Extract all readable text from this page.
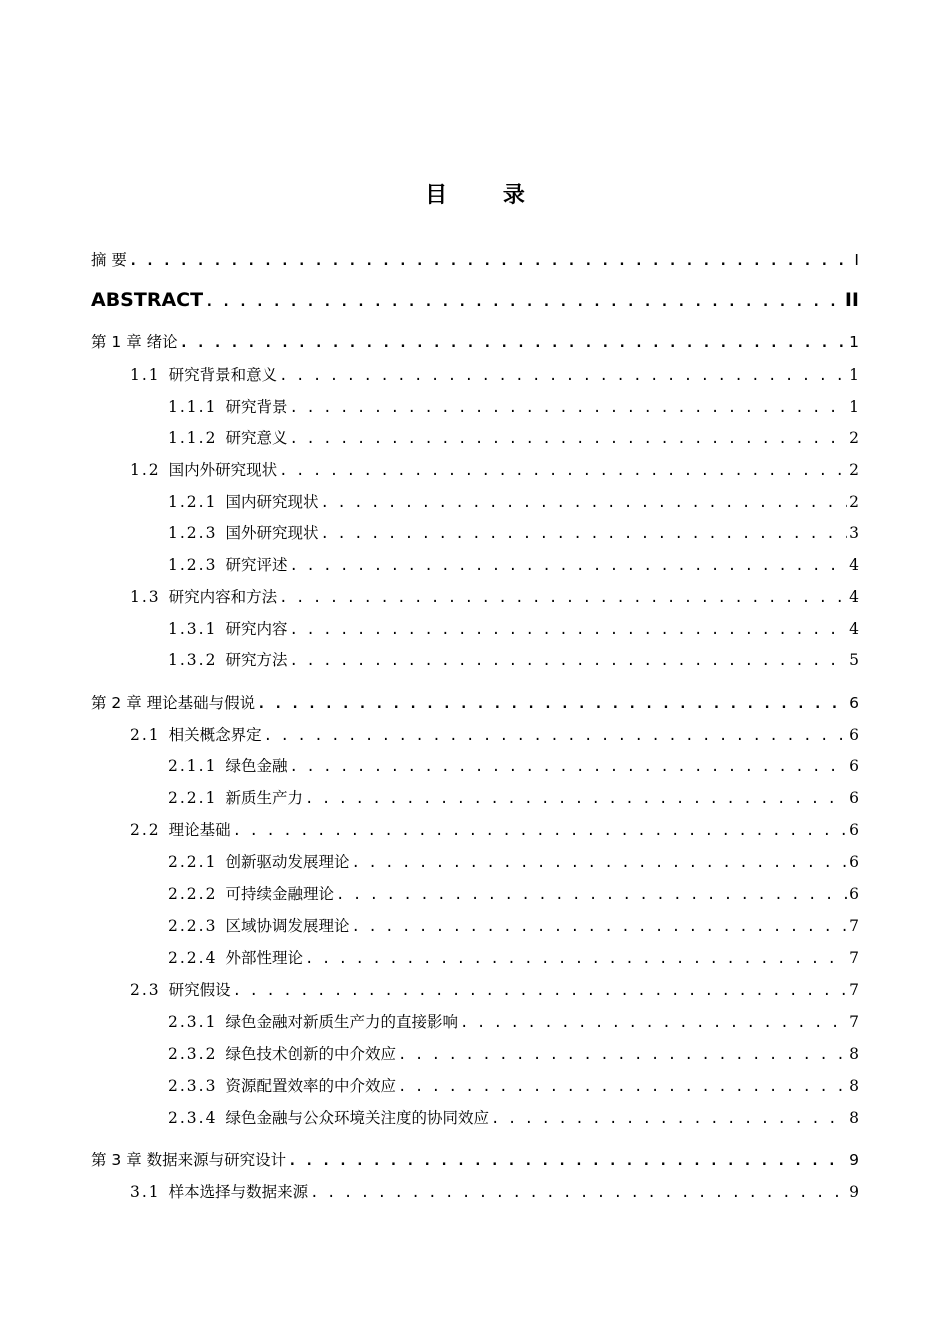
目 录
摘 要 . . .	I
ABSTRACT . . .	II
第 1 章 绪论 . . .	1
1.1 研究背景和意义 . . .	1
1.1.1 研究背景 . . .	1
1.1.2 研究意义 . . .	2
1.2 国内外研究现状 . . .	2
1.2.1 国内研究现状 . . .	2
1.2.3 国外研究现状 . . .	3
1.2.3 研究评述 . . .	4
1.3 研究内容和方法 . . .	4
1.3.1 研究内容 . . .	4
1.3.2 研究方法 . . .	5
第 2 章 理论基础与假说 . . .	6
2.1 相关概念界定 . . .	6
2.1.1 绿色金融 . . .	6
2.2.1 新质生产力 . . .	6
2.2 理论基础 . . .	6
2.2.1 创新驱动发展理论 . . .	6
2.2.2 可持续金融理论 . . .	6
2.2.3 区域协调发展理论 . . .	7
2.2.4 外部性理论 . . .	7
2.3 研究假设 . . .	7
2.3.1 绿色金融对新质生产力的直接影响 . . .	7
2.3.2 绿色技术创新的中介效应 . . .	8
2.3.3 资源配置效率的中介效应 . . .	8
2.3.4 绿色金融与公众环境关注度的协同效应 . . .	8
第 3 章 数据来源与研究设计 . . .	9
3.1 样本选择与数据来源 . . .	9
